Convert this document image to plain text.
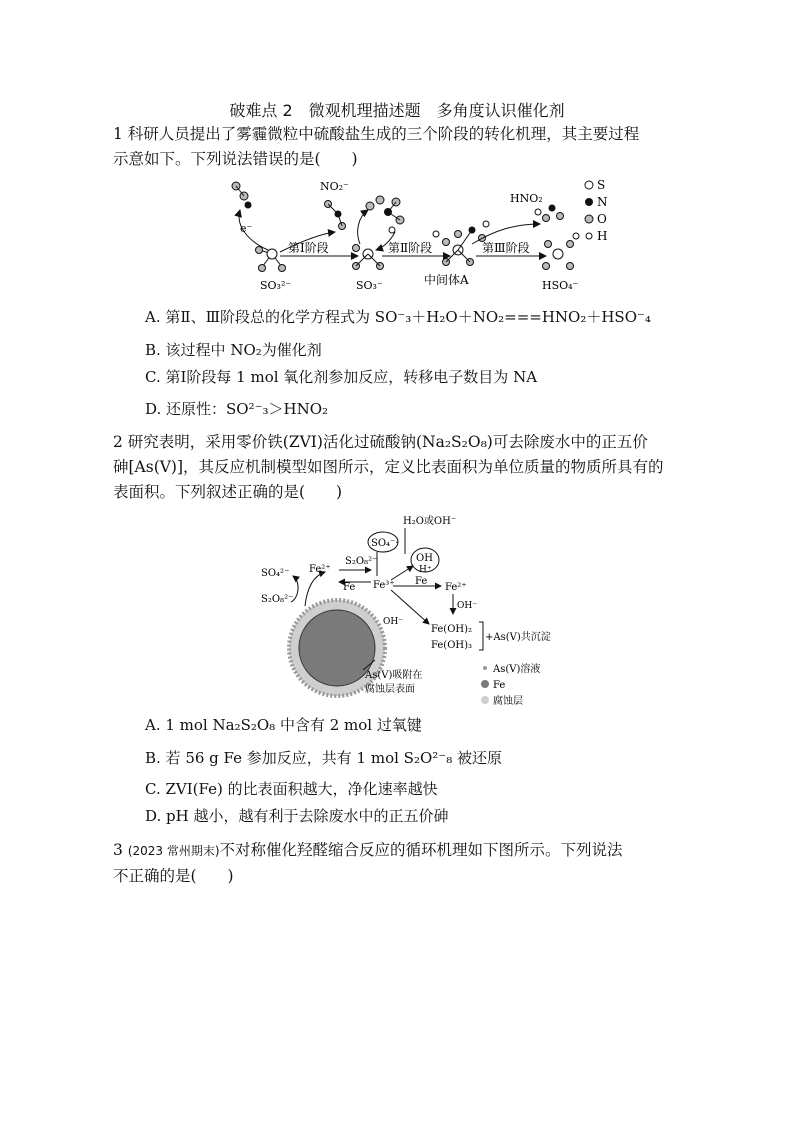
破难点 2　微观机理描述题　多角度认识催化剂
1 科研人员提出了雾霾微粒中硫酸盐生成的三个阶段的转化机理，其主要过程
示意如下。下列说法错误的是(　　)
SO₃²⁻
e⁻
NO₂⁻
第Ⅰ阶段
SO₃⁻
第Ⅱ阶段
中间体A
HNO₂
第Ⅲ阶段
HSO₄⁻
S
N
O
H
A. 第Ⅱ、Ⅲ阶段总的化学方程式为 SO⁻₃＋H₂O＋NO₂===HNO₂＋HSO⁻₄
B. 该过程中 NO₂为催化剂
C. 第Ⅰ阶段每 1 mol 氧化剂参加反应，转移电子数目为 NA
D. 还原性：SO²⁻₃＞HNO₂
2 研究表明，采用零价铁(ZVI)活化过硫酸钠(Na₂S₂O₈)可去除废水中的正五价
砷[As(Ⅴ)]，其反应机制模型如图所示，定义比表面积为单位质量的物质所具有的
表面积。下列叙述正确的是(　　)
H₂O或OH⁻
SO₄⁻·
OH
H⁺
SO₄²⁻
S₂O₈²⁻
Fe²⁺
S₂O₈²⁻
Fe Fe³⁺ Fe
Fe²⁺
OH⁻
OH⁻
Fe(OH)₂
Fe(OH)₃
+As(Ⅴ)共沉淀
As(Ⅴ)吸附在
腐蚀层表面
As(Ⅴ)溶液
Fe
腐蚀层
A. 1 mol Na₂S₂O₈ 中含有 2 mol 过氧键
B. 若 56 g Fe 参加反应，共有 1 mol S₂O²⁻₈ 被还原
C. ZVI(Fe) 的比表面积越大，净化速率越快
D. pH 越小，越有利于去除废水中的正五价砷
3 (2023 常州期末)不对称催化羟醛缩合反应的循环机理如下图所示。下列说法
不正确的是(　　)
